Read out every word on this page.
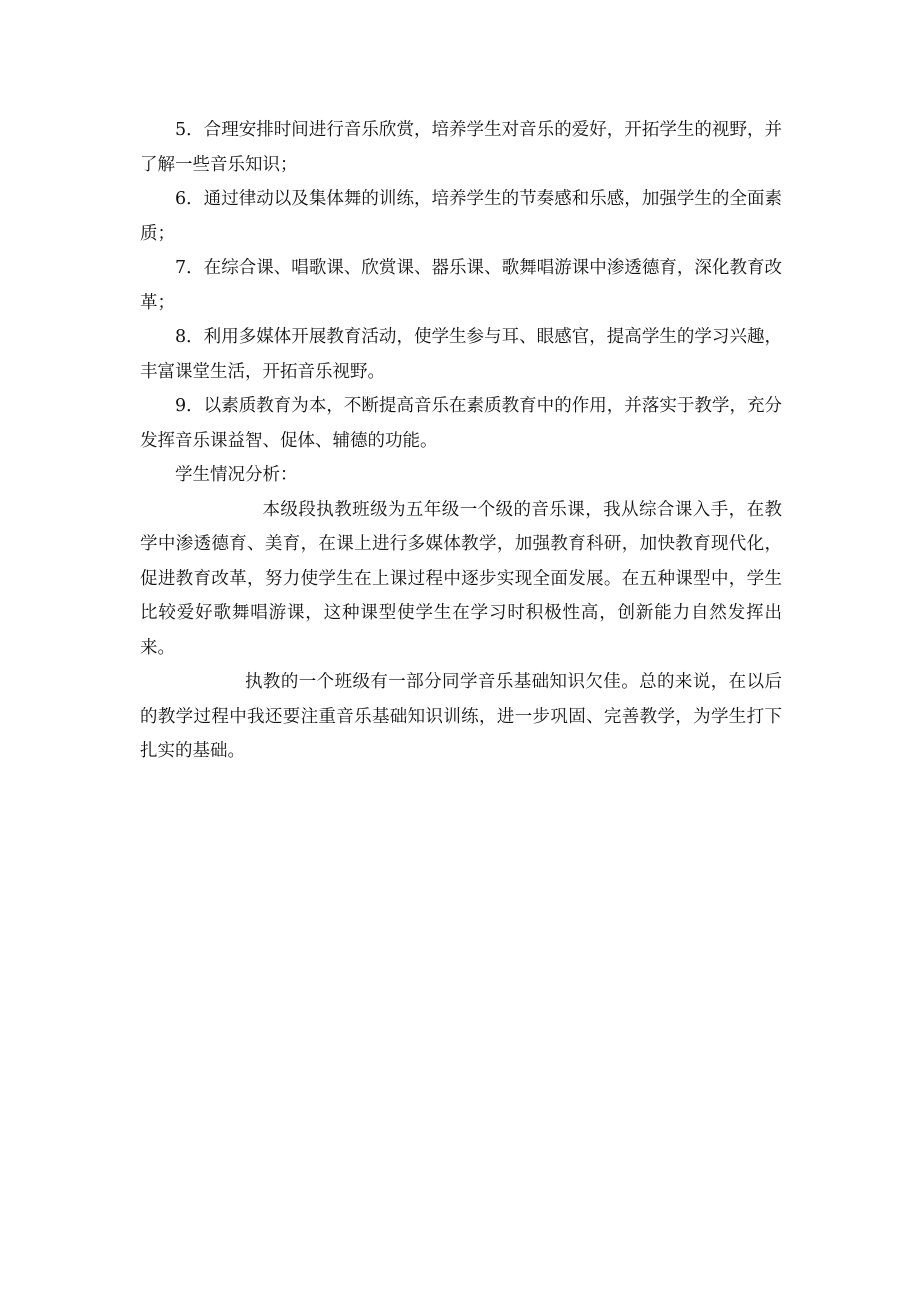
5．合理安排时间进行音乐欣赏，培养学生对音乐的爱好，开拓学生的视野，并了解一些音乐知识；

6．通过律动以及集体舞的训练，培养学生的节奏感和乐感，加强学生的全面素质；

7．在综合课、唱歌课、欣赏课、器乐课、歌舞唱游课中渗透德育，深化教育改革；

8．利用多媒体开展教育活动，使学生参与耳、眼感官，提高学生的学习兴趣，丰富课堂生活，开拓音乐视野。

9．以素质教育为本，不断提高音乐在素质教育中的作用，并落实于教学，充分发挥音乐课益智、促体、辅德的功能。

学生情况分析：

本级段执教班级为五年级一个级的音乐课，我从综合课入手，在教学中渗透德育、美育，在课上进行多媒体教学，加强教育科研，加快教育现代化，促进教育改革，努力使学生在上课过程中逐步实现全面发展。在五种课型中，学生比较爱好歌舞唱游课，这种课型使学生在学习时积极性高，创新能力自然发挥出来。

执教的一个班级有一部分同学音乐基础知识欠佳。总的来说，在以后的教学过程中我还要注重音乐基础知识训练，进一步巩固、完善教学，为学生打下扎实的基础。
